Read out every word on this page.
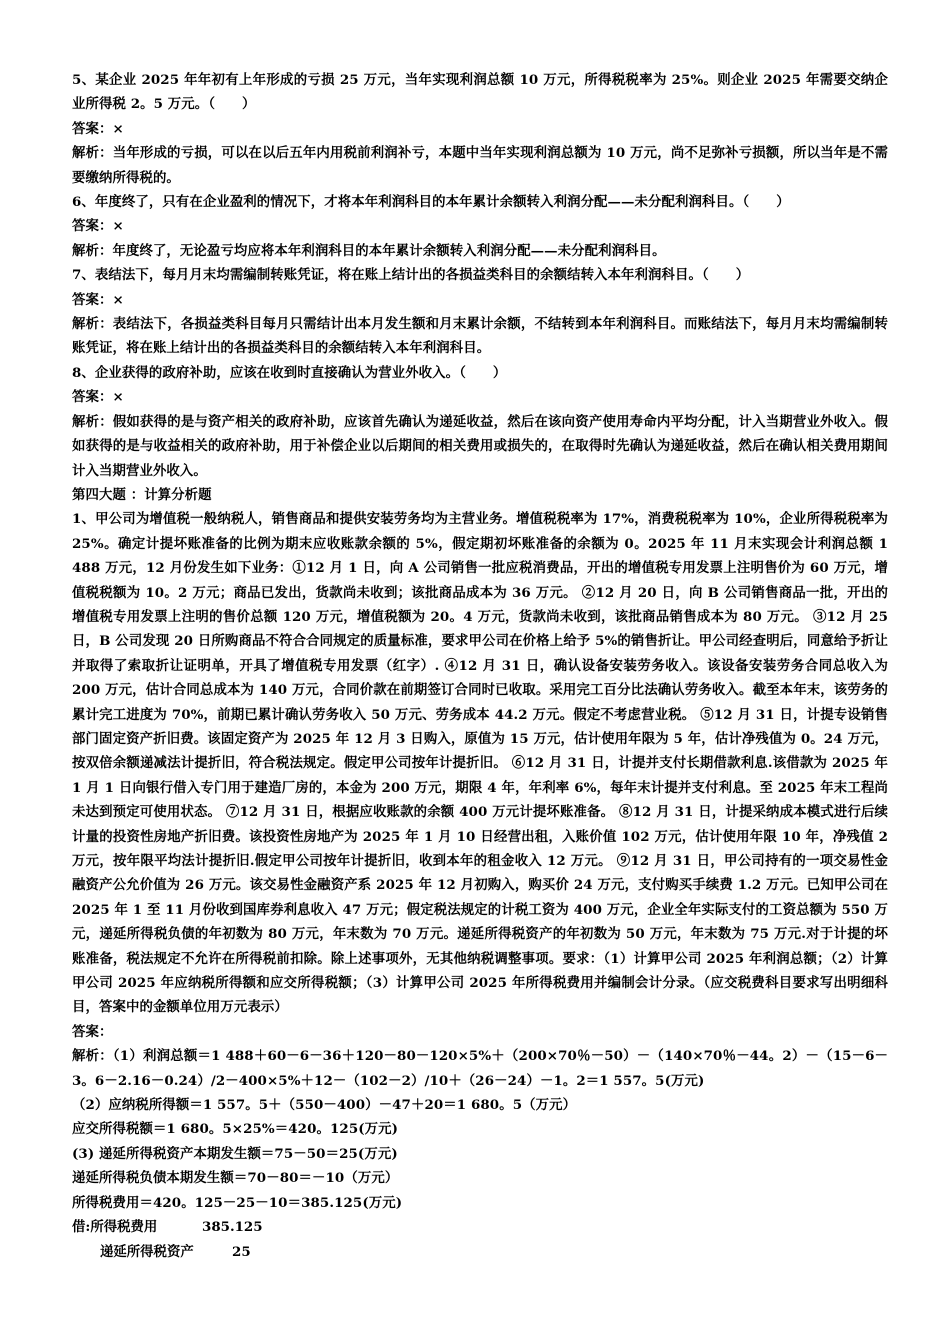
5、某企业 2025 年年初有上年形成的亏损 25 万元，当年实现利润总额 10 万元，所得税税率为 25%。则企业 2025 年需要交纳企业所得税 2。5 万元。（　　）

答案：×

解析：当年形成的亏损，可以在以后五年内用税前利润补亏，本题中当年实现利润总额为 10 万元，尚不足弥补亏损额，所以当年是不需要缴纳所得税的。

6、年度终了，只有在企业盈利的情况下，才将本年利润科目的本年累计余额转入利润分配——未分配利润科目。（　　）

答案：×

解析：年度终了，无论盈亏均应将本年利润科目的本年累计余额转入利润分配——未分配利润科目。

7、表结法下，每月月末均需编制转账凭证，将在账上结计出的各损益类科目的余额结转入本年利润科目。（　　）

答案：×

解析：表结法下，各损益类科目每月只需结计出本月发生额和月末累计余额，不结转到本年利润科目。而账结法下，每月月末均需编制转账凭证，将在账上结计出的各损益类科目的余额结转入本年利润科目。

8、企业获得的政府补助，应该在收到时直接确认为营业外收入。（　　）

答案：×

解析：假如获得的是与资产相关的政府补助，应该首先确认为递延收益，然后在该向资产使用寿命内平均分配，计入当期营业外收入。假如获得的是与收益相关的政府补助，用于补偿企业以后期间的相关费用或损失的，在取得时先确认为递延收益，然后在确认相关费用期间计入当期营业外收入。

第四大题 ：计算分析题

1、甲公司为增值税一般纳税人，销售商品和提供安装劳务均为主营业务。增值税税率为 17%，消费税税率为 10%，企业所得税税率为 25%。确定计提坏账准备的比例为期末应收账款余额的 5%，假定期初坏账准备的余额为 0。2025 年 11 月末实现会计利润总额 1 488 万元，12 月份发生如下业务：①12 月 1 日，向 A 公司销售一批应税消费品，开出的增值税专用发票上注明售价为 60 万元，增值税税额为 10。2 万元；商品已发出，货款尚未收到；该批商品成本为 36 万元。 ②12 月 20 日，向 B 公司销售商品一批，开出的增值税专用发票上注明的售价总额 120 万元，增值税额为 20。4 万元，货款尚未收到，该批商品销售成本为 80 万元。 ③12 月 25 日，B 公司发现 20 日所购商品不符合合同规定的质量标准，要求甲公司在价格上给予 5%的销售折让。甲公司经查明后，同意给予折让并取得了索取折让证明单，开具了增值税专用发票（红字）. ④12 月 31 日，确认设备安装劳务收入。该设备安装劳务合同总收入为 200 万元，估计合同总成本为 140 万元，合同价款在前期签订合同时已收取。采用完工百分比法确认劳务收入。截至本年末，该劳务的累计完工进度为 70%，前期已累计确认劳务收入 50 万元、劳务成本 44.2 万元。假定不考虑营业税。 ⑤12 月 31 日，计提专设销售部门固定资产折旧费。该固定资产为 2025 年 12 月 3 日购入，原值为 15 万元，估计使用年限为 5 年，估计净残值为 0。24 万元，按双倍余额递减法计提折旧，符合税法规定。假定甲公司按年计提折旧。 ⑥12 月 31 日，计提并支付长期借款利息.该借款为 2025 年 1 月 1 日向银行借入专门用于建造厂房的，本金为 200 万元，期限 4 年，年利率 6%，每年末计提并支付利息。至 2025 年末工程尚未达到预定可使用状态。 ⑦12 月 31 日，根据应收账款的余额 400 万元计提坏账准备。 ⑧12 月 31 日，计提采纳成本模式进行后续计量的投资性房地产折旧费。该投资性房地产为 2025 年 1 月 10 日经营出租，入账价值 102 万元，估计使用年限 10 年，净残值 2 万元，按年限平均法计提折旧.假定甲公司按年计提折旧，收到本年的租金收入 12 万元。 ⑨12 月 31 日，甲公司持有的一项交易性金融资产公允价值为 26 万元。该交易性金融资产系 2025 年 12 月初购入，购买价 24 万元，支付购买手续费 1.2 万元。已知甲公司在 2025 年 1 至 11 月份收到国库券利息收入 47 万元；假定税法规定的计税工资为 400 万元，企业全年实际支付的工资总额为 550 万元，递延所得税负债的年初数为 80 万元，年末数为 70 万元。递延所得税资产的年初数为 50 万元，年末数为 75 万元.对于计提的坏账准备，税法规定不允许在所得税前扣除。除上述事项外，无其他纳税调整事项。要求：（1）计算甲公司 2025 年利润总额；（2）计算甲公司 2025 年应纳税所得额和应交所得税额；（3）计算甲公司 2025 年所得税费用并编制会计分录。（应交税费科目要求写出明细科目，答案中的金额单位用万元表示）

答案：

解析：（1）利润总额＝1 488＋60－6－36＋120－80－120×5%＋（200×70％－50）－（140×70％－44。2）－（15－6－3。6－2.16－0.24）/2－400×5%＋12－（102－2）/10＋（26－24）－1。2＝1 557。5(万元)

（2）应纳税所得额＝1 557。5＋（550－400）－47＋20＝1 680。5（万元）

应交所得税额＝1 680。5×25%＝420。125(万元)

(3) 递延所得税资产本期发生额＝75－50＝25(万元)

递延所得税负债本期发生额＝70－80＝－10（万元）

所得税费用＝420。125－25－10＝385.125(万元)

借:所得税费用	385.125
递延所得税资产	25
